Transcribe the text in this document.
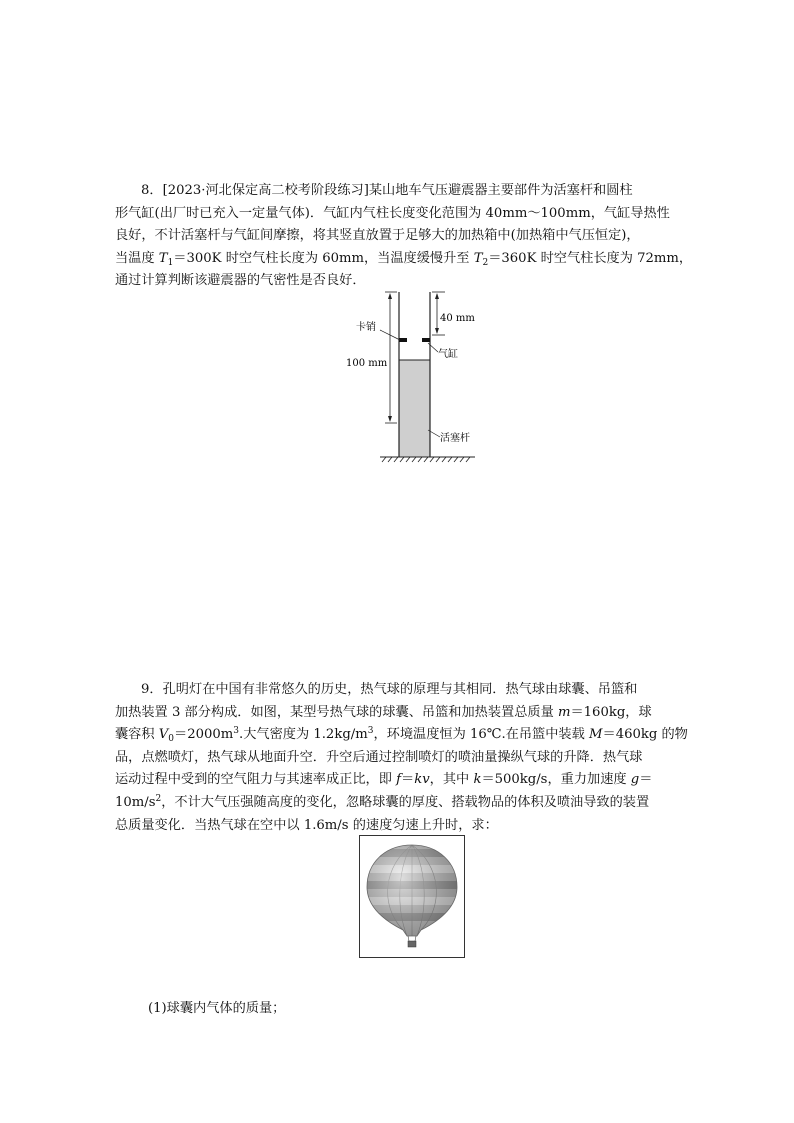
8．[2023·河北保定高二校考阶段练习]某山地车气压避震器主要部件为活塞杆和圆柱
形气缸(出厂时已充入一定量气体)．气缸内气柱长度变化范围为 40mm～100mm，气缸导热性
良好，不计活塞杆与气缸间摩擦，将其竖直放置于足够大的加热箱中(加热箱中气压恒定)，
当温度 $T_1=300K$ 时空气柱长度为 60mm，当温度缓慢升至 $T_2=360K$ 时空气柱长度为 72mm，
通过计算判断该避震器的气密性是否良好．
卡销
40 mm
100 mm
气缸
活塞杆
9．孔明灯在中国有非常悠久的历史，热气球的原理与其相同．热气球由球囊、吊篮和
加热装置 3 部分构成．如图，某型号热气球的球囊、吊篮和加热装置总质量 m＝160kg，球
囊容积 $V_0=2000m^3$.大气密度为 $1.2kg/m^3$，环境温度恒为 16℃.在吊篮中装载 M＝460kg 的物
品，点燃喷灯，热气球从地面升空．升空后通过控制喷灯的喷油量操纵气球的升降．热气球
运动过程中受到的空气阻力与其速率成正比，即 f＝kv，其中 k＝500kg/s，重力加速度 g＝
$10m/s^2$，不计大气压强随高度的变化，忽略球囊的厚度、搭载物品的体积及喷油导致的装置
总质量变化．当热气球在空中以 1.6m/s 的速度匀速上升时，求：
(1)球囊内气体的质量；
